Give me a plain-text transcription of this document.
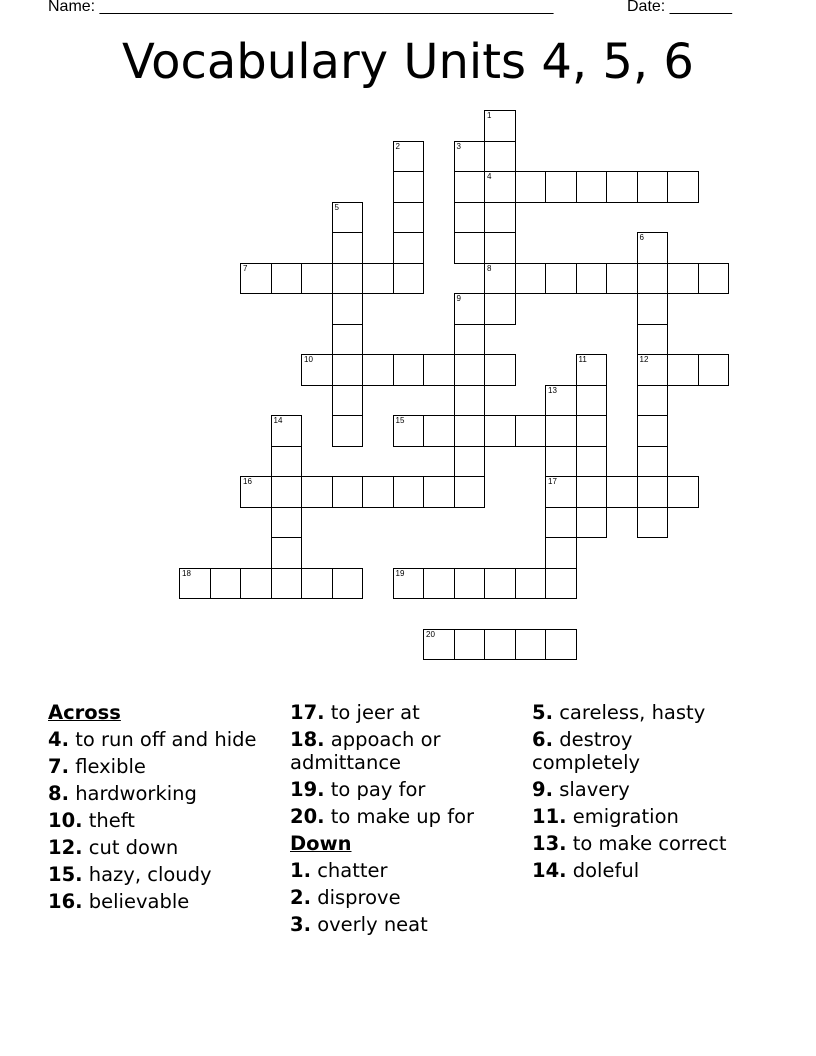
Name: ___________________________________________________	Date: _______
Vocabulary Units 4, 5, 6
1
4
8
2	3
5
6
12
7
9
10	11
13
17
14	15
16
18	19
20
Across
4. to run off and hide
7. flexible
8. hardworking
10. theft
12. cut down
15. hazy, cloudy
16. believable
17. to jeer at
18. appoach or admittance
19. to pay for
20. to make up for
Down
1. chatter
2. disprove
3. overly neat
5. careless, hasty
6. destroy completely
9. slavery
11. emigration
13. to make correct
14. doleful
